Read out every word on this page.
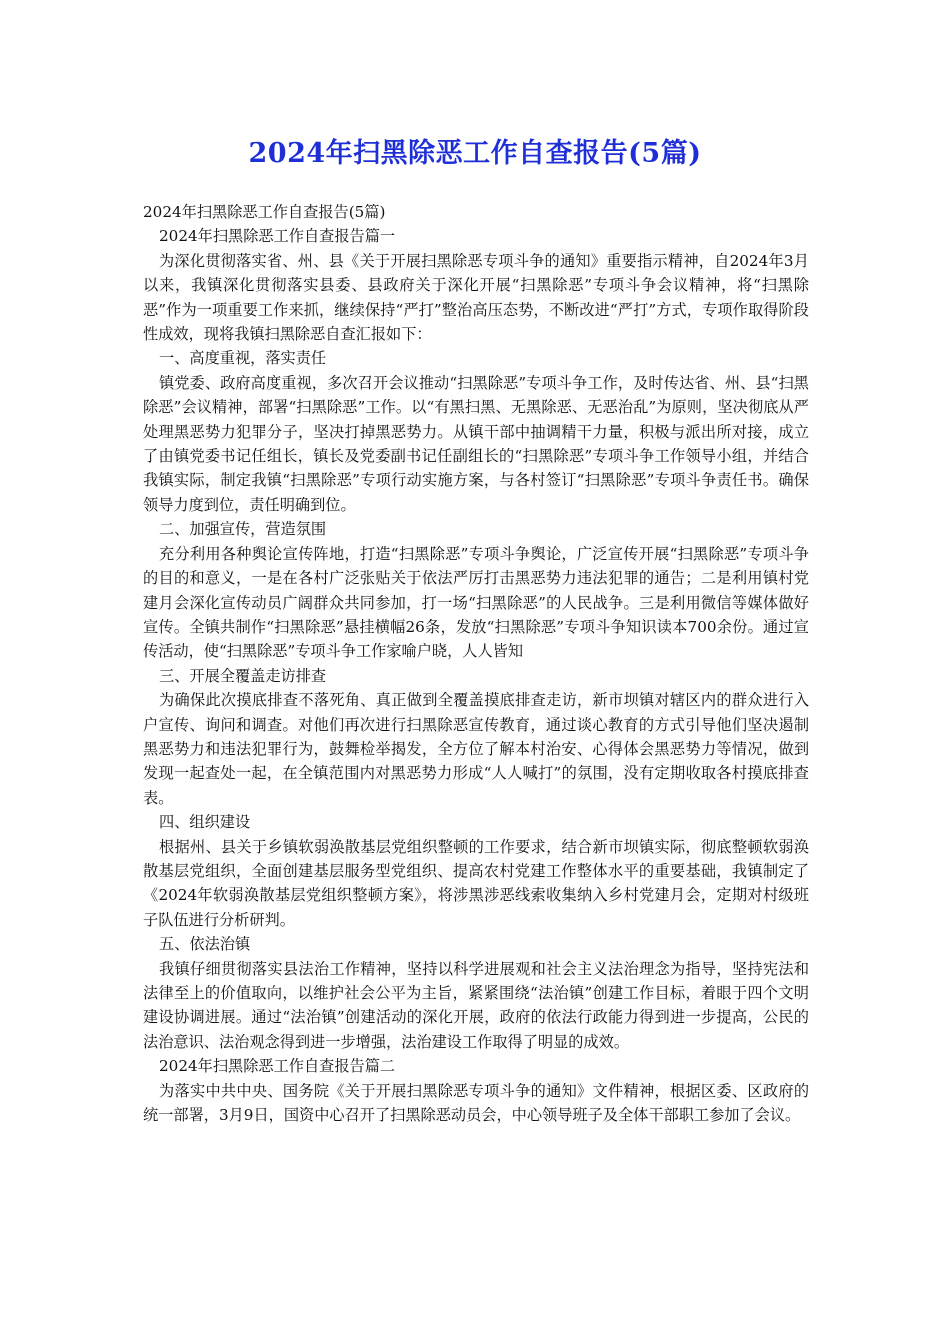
2024年扫黑除恶工作自查报告(5篇)

2024年扫黑除恶工作自查报告(5篇)

2024年扫黑除恶工作自查报告篇一

为深化贯彻落实省、州、县《关于开展扫黑除恶专项斗争的通知》重要指示精神，自2024年3月以来，我镇深化贯彻落实县委、县政府关于深化开展“扫黑除恶”专项斗争会议精神，将“扫黑除恶”作为一项重要工作来抓，继续保持“严打”整治高压态势，不断改进“严打”方式，专项作取得阶段性成效，现将我镇扫黑除恶自查汇报如下：

一、高度重视，落实责任

镇党委、政府高度重视，多次召开会议推动“扫黑除恶”专项斗争工作，及时传达省、州、县“扫黑除恶”会议精神，部署“扫黑除恶”工作。以“有黑扫黑、无黑除恶、无恶治乱”为原则，坚决彻底从严处理黑恶势力犯罪分子，坚决打掉黑恶势力。从镇干部中抽调精干力量，积极与派出所对接，成立了由镇党委书记任组长，镇长及党委副书记任副组长的“扫黑除恶”专项斗争工作领导小组，并结合我镇实际，制定我镇“扫黑除恶”专项行动实施方案，与各村签订“扫黑除恶”专项斗争责任书。确保领导力度到位，责任明确到位。

二、加强宣传，营造氛围

充分利用各种舆论宣传阵地，打造“扫黑除恶”专项斗争舆论，广泛宣传开展“扫黑除恶”专项斗争的目的和意义，一是在各村广泛张贴关于依法严厉打击黑恶势力违法犯罪的通告；二是利用镇村党建月会深化宣传动员广阔群众共同参加，打一场“扫黑除恶”的人民战争。三是利用微信等媒体做好宣传。全镇共制作“扫黑除恶”悬挂横幅26条，发放“扫黑除恶”专项斗争知识读本700余份。通过宣传活动，使“扫黑除恶”专项斗争工作家喻户晓，人人皆知

三、开展全覆盖走访排查

为确保此次摸底排查不落死角、真正做到全覆盖摸底排查走访，新市坝镇对辖区内的群众进行入户宣传、询问和调查。对他们再次进行扫黑除恶宣传教育，通过谈心教育的方式引导他们坚决遏制黑恶势力和违法犯罪行为，鼓舞检举揭发，全方位了解本村治安、心得体会黑恶势力等情况，做到发现一起查处一起，在全镇范围内对黑恶势力形成“人人喊打”的氛围，没有定期收取各村摸底排查表。

四、组织建设

根据州、县关于乡镇软弱涣散基层党组织整顿的工作要求，结合新市坝镇实际，彻底整顿软弱涣散基层党组织，全面创建基层服务型党组织、提高农村党建工作整体水平的重要基础，我镇制定了《2024年软弱涣散基层党组织整顿方案》，将涉黑涉恶线索收集纳入乡村党建月会，定期对村级班子队伍进行分析研判。

五、依法治镇

我镇仔细贯彻落实县法治工作精神，坚持以科学进展观和社会主义法治理念为指导，坚持宪法和法律至上的价值取向，以维护社会公平为主旨，紧紧围绕“法治镇”创建工作目标，着眼于四个文明建设协调进展。通过“法治镇”创建活动的深化开展，政府的依法行政能力得到进一步提高，公民的法治意识、法治观念得到进一步增强，法治建设工作取得了明显的成效。

2024年扫黑除恶工作自查报告篇二

为落实中共中央、国务院《关于开展扫黑除恶专项斗争的通知》文件精神，根据区委、区政府的统一部署，3月9日，国资中心召开了扫黑除恶动员会，中心领导班子及全体干部职工参加了会议。
